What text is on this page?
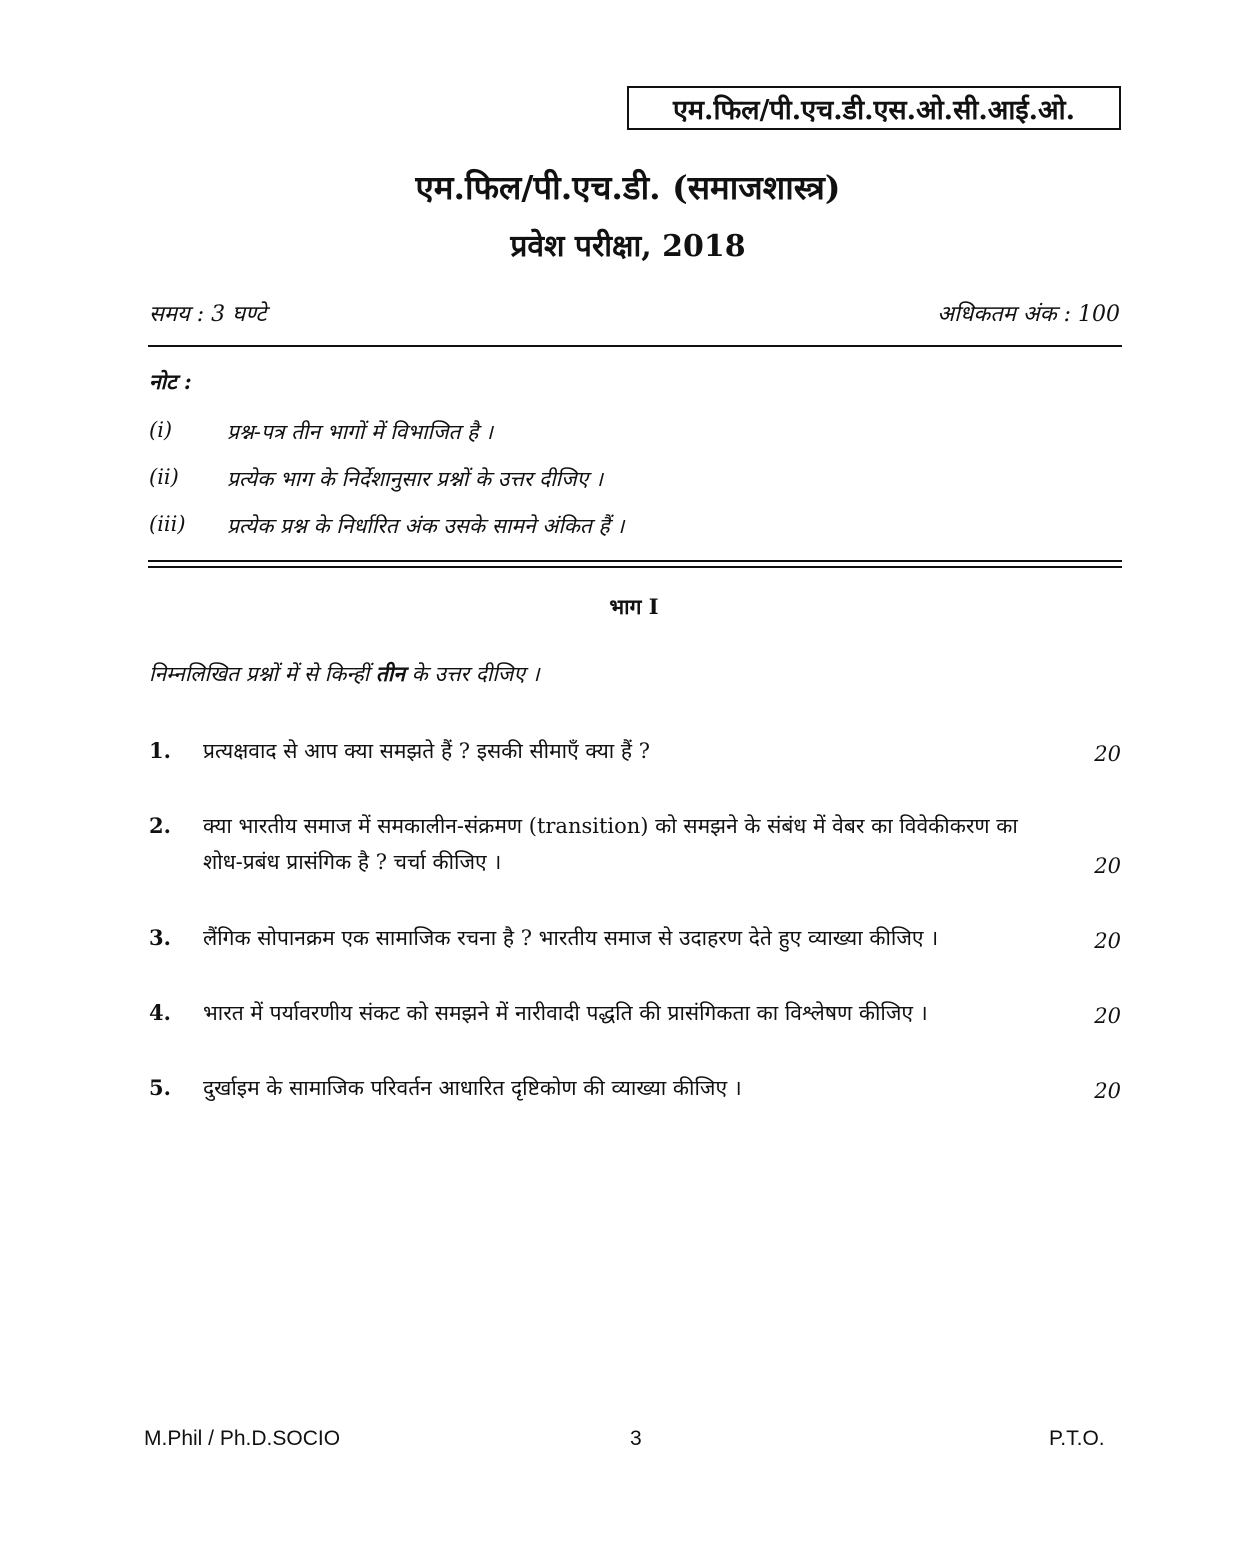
एम.फिल/पी.एच.डी.एस.ओ.सी.आई.ओ.
एम.फिल/पी.एच.डी. (समाजशास्त्र)
प्रवेश परीक्षा, 2018
समय : 3 घण्टे	अधिकतम अंक : 100
नोट :
(i)	प्रश्न-पत्र तीन भागों में विभाजित है ।
(ii)	प्रत्येक भाग के निर्देशानुसार प्रश्नों के उत्तर दीजिए ।
(iii)	प्रत्येक प्रश्न के निर्धारित अंक उसके सामने अंकित हैं ।
भाग I
निम्नलिखित प्रश्नों में से किन्हीं तीन के उत्तर दीजिए ।
1. प्रत्यक्षवाद से आप क्या समझते हैं ? इसकी सीमाएँ क्या हैं ?	20
2. क्या भारतीय समाज में समकालीन-संक्रमण (transition) को समझने के संबंध में वेबर का विवेकीकरण का शोध-प्रबंध प्रासंगिक है ? चर्चा कीजिए ।	20
3. लैंगिक सोपानक्रम एक सामाजिक रचना है ? भारतीय समाज से उदाहरण देते हुए व्याख्या कीजिए ।	20
4. भारत में पर्यावरणीय संकट को समझने में नारीवादी पद्धति की प्रासंगिकता का विश्लेषण कीजिए ।	20
5. दुर्खाइम के सामाजिक परिवर्तन आधारित दृष्टिकोण की व्याख्या कीजिए ।	20
M.Phil / Ph.D.SOCIO	3	P.T.O.
